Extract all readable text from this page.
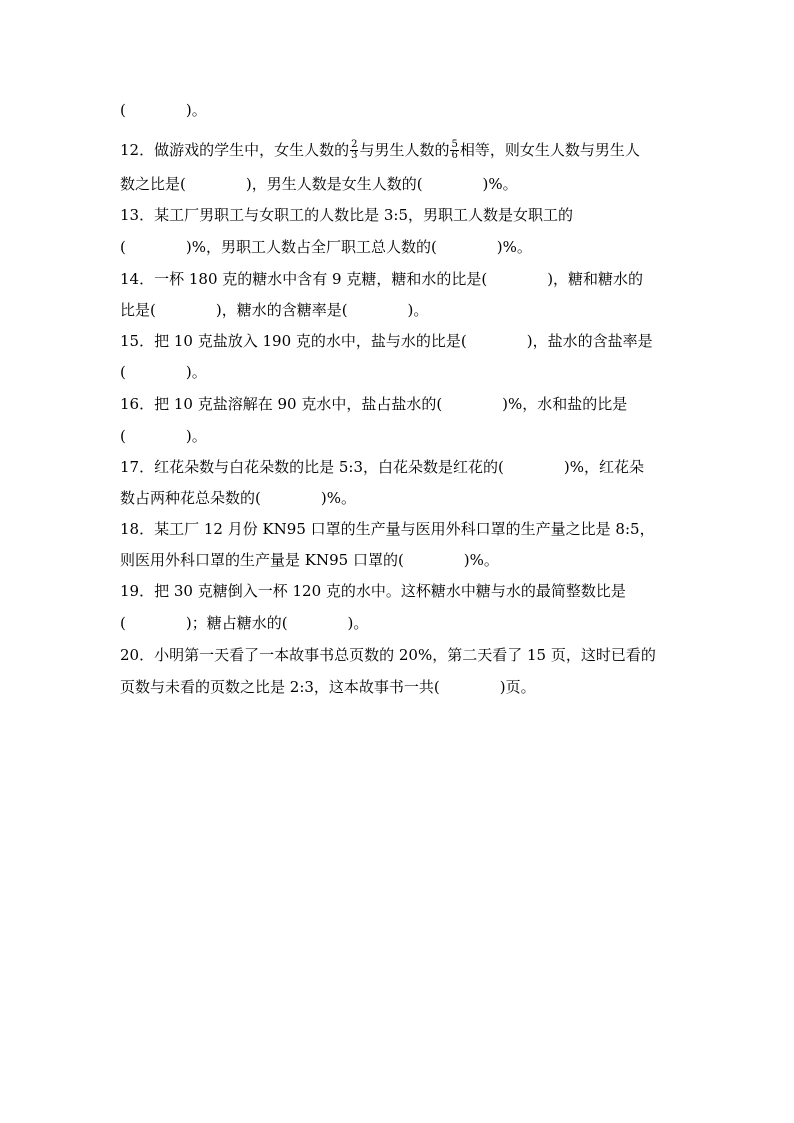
(　　　　)。
12．做游戏的学生中，女生人数的 $\frac{2}{3}$ 与男生人数的 $\frac{5}{6}$ 相等，则女生人数与男生人
数之比是(　　　　)，男生人数是女生人数的(　　　　)%。
13．某工厂男职工与女职工的人数比是 3:5，男职工人数是女职工的
(　　　　)%，男职工人数占全厂职工总人数的(　　　　)%。
14．一杯 180 克的糖水中含有 9 克糖，糖和水的比是(　　　　)，糖和糖水的
比是(　　　　)，糖水的含糖率是(　　　　)。
15．把 10 克盐放入 190 克的水中，盐与水的比是(　　　　)，盐水的含盐率是
(　　　　)。
16．把 10 克盐溶解在 90 克水中，盐占盐水的(　　　　)%，水和盐的比是
(　　　　)。
17．红花朵数与白花朵数的比是 5:3，白花朵数是红花的(　　　　)%，红花朵
数占两种花总朵数的(　　　　)%。
18．某工厂 12 月份 KN95 口罩的生产量与医用外科口罩的生产量之比是 8:5，
则医用外科口罩的生产量是 KN95 口罩的(　　　　)%。
19．把 30 克糖倒入一杯 120 克的水中。这杯糖水中糖与水的最简整数比是
(　　　　)；糖占糖水的(　　　　)。
20．小明第一天看了一本故事书总页数的 20%，第二天看了 15 页，这时已看的
页数与未看的页数之比是 2:3，这本故事书一共(　　　　)页。
